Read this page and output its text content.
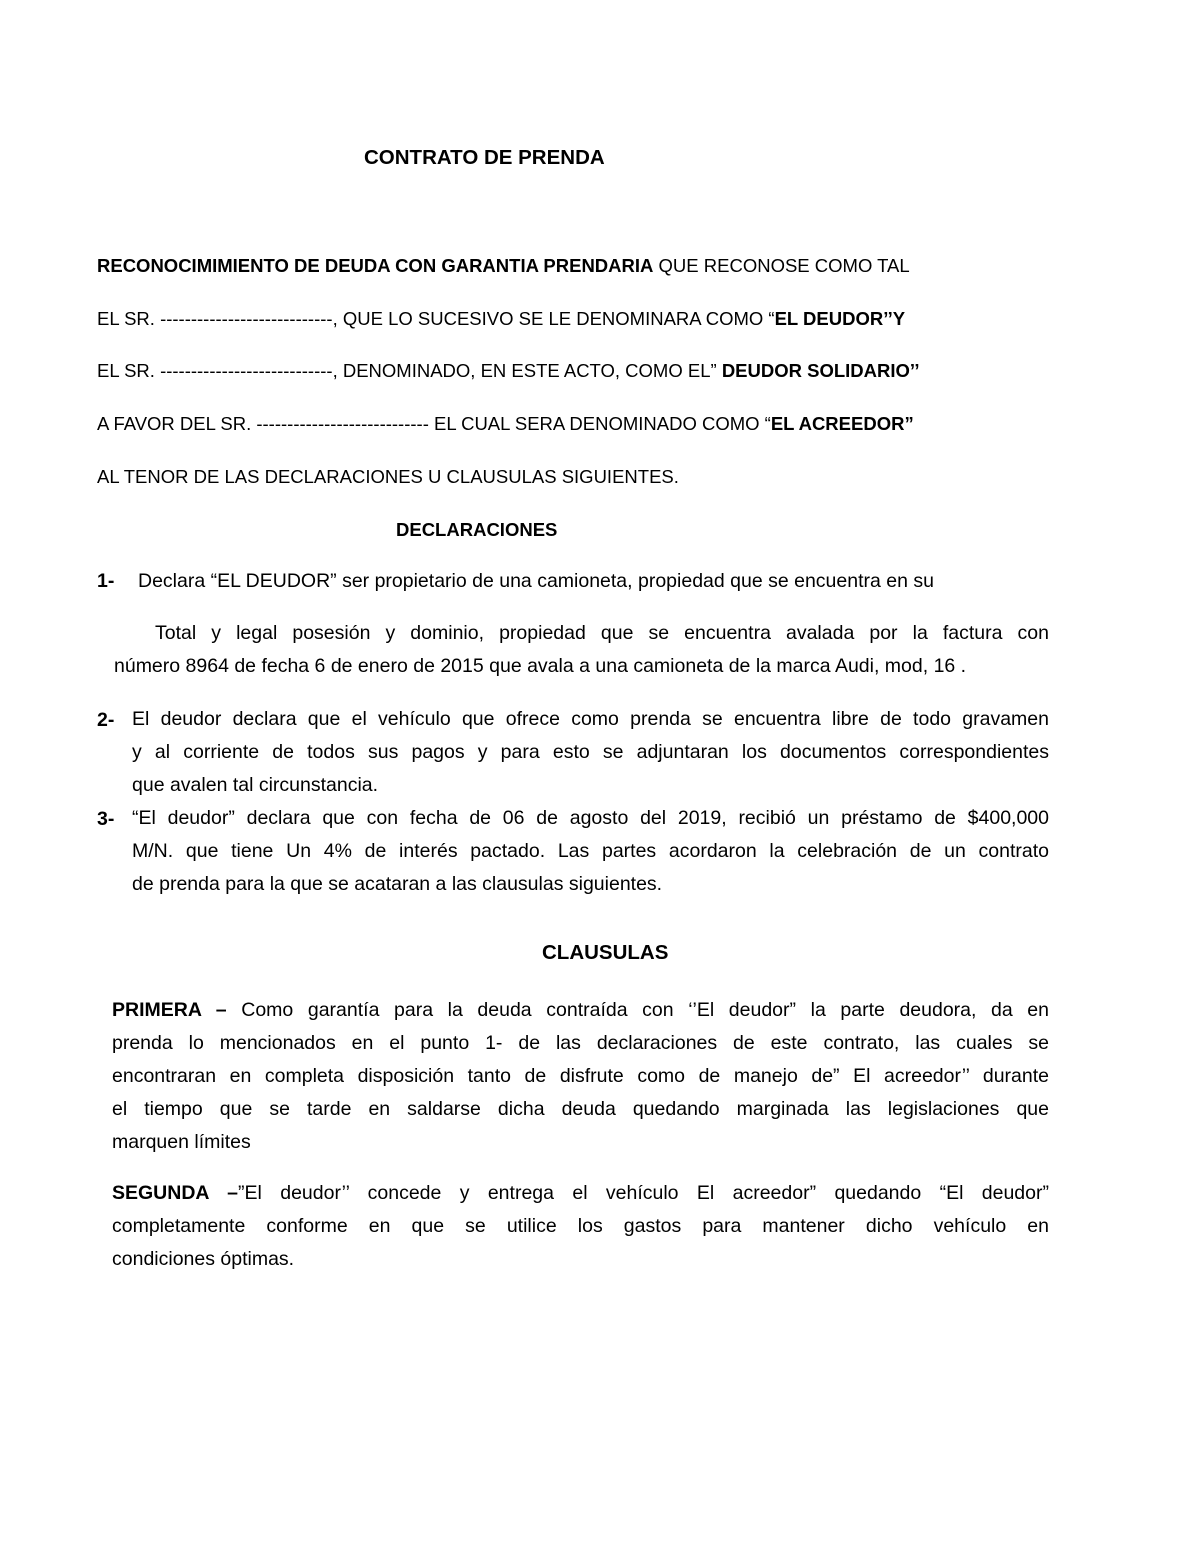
CONTRATO DE PRENDA
RECONOCIMIMIENTO DE DEUDA CON GARANTIA PRENDARIA QUE RECONOSE COMO TAL
EL SR. ----------------------------, QUE LO SUCESIVO SE LE DENOMINARA COMO “EL DEUDOR’’Y
EL SR. ----------------------------, DENOMINADO, EN ESTE ACTO, COMO EL” DEUDOR SOLIDARIO’’
A FAVOR DEL SR. ---------------------------- EL CUAL SERA DENOMINADO COMO “EL ACREEDOR”
AL TENOR DE LAS DECLARACIONES U CLAUSULAS SIGUIENTES.
DECLARACIONES
1- Declara “EL DEUDOR” ser propietario de una camioneta, propiedad que se encuentra en su
Total y legal posesión y dominio, propiedad que se encuentra avalada por la factura con
número 8964 de fecha 6 de enero de 2015 que avala a una camioneta de la marca Audi, mod, 16 .
2- El deudor declara que el vehículo que ofrece como prenda se encuentra libre de todo gravamen
y al corriente de todos sus pagos y para esto se adjuntaran los documentos correspondientes
que avalen tal circunstancia.
3- “El deudor” declara que con fecha de 06 de agosto del 2019, recibió un préstamo de $400,000
M/N. que tiene Un 4% de interés pactado. Las partes acordaron la celebración de un contrato
de prenda para la que se acataran a las clausulas siguientes.
CLAUSULAS
PRIMERA – Como garantía para la deuda contraída con ‘’El deudor” la parte deudora, da en
prenda lo mencionados en el punto 1- de las declaraciones de este contrato, las cuales se
encontraran en completa disposición tanto de disfrute como de manejo de” El acreedor’’ durante
el tiempo que se tarde en saldarse dicha deuda quedando marginada las legislaciones que
marquen límites
SEGUNDA –”El deudor’’ concede y entrega el vehículo El acreedor” quedando “El deudor”
completamente conforme en que se utilice los gastos para mantener dicho vehículo en
condiciones óptimas.
